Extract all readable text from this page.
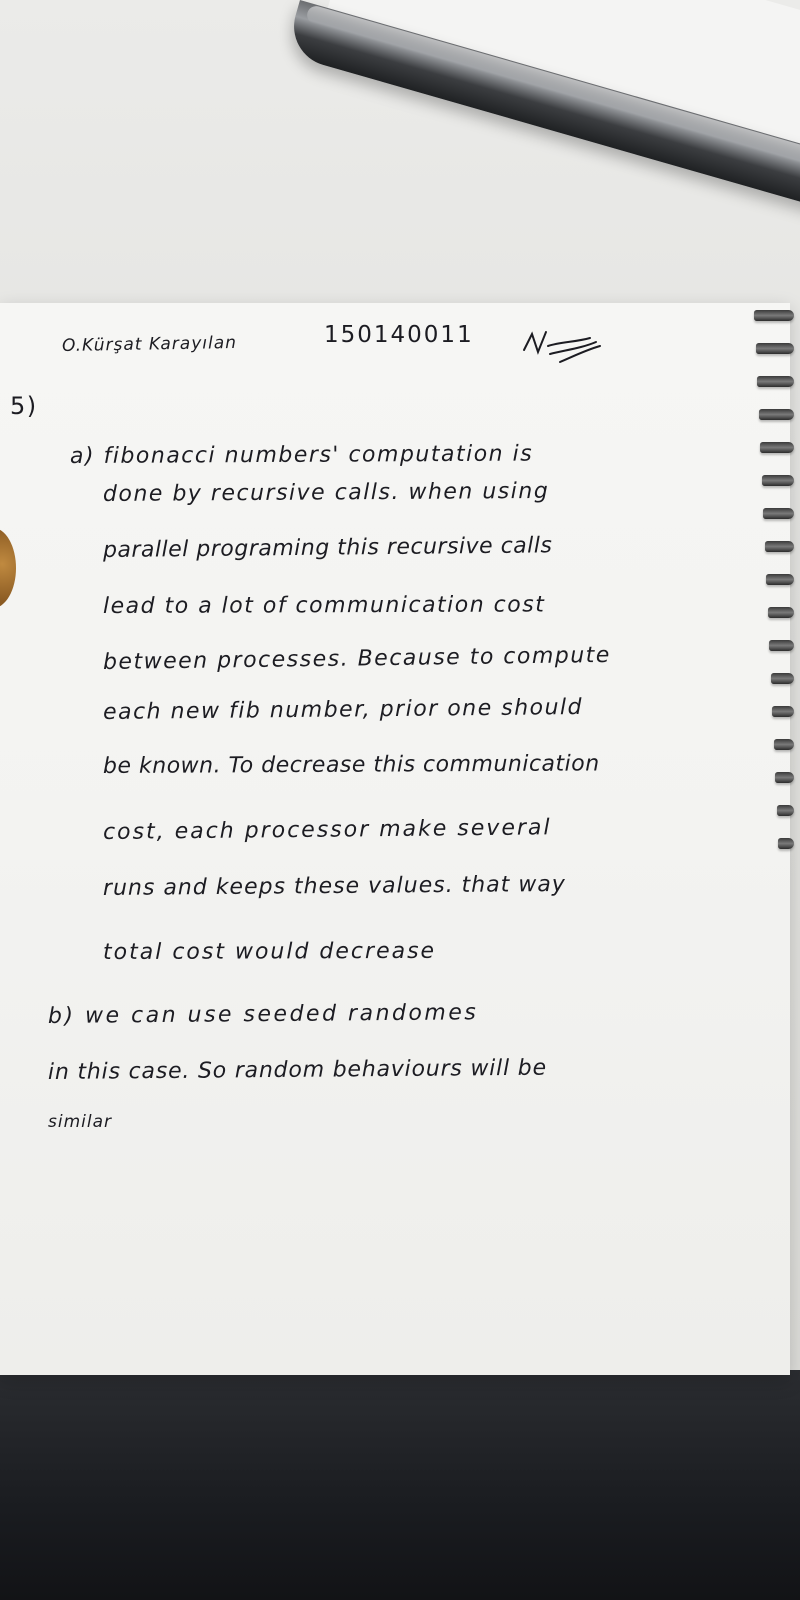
O.Kürşat Karayılan	150140011
5)
a) fibonacci numbers' computation is
done by recursive calls. when using
parallel programing this recursive calls
lead to a lot of communication cost
between processes. Because to compute
each new fib number, prior one should
be known. To decrease this communication
cost, each processor make several
runs and keeps these values. that way
total cost would decrease
b) we can use seeded randomes
in this case. So random behaviours will be
similar
